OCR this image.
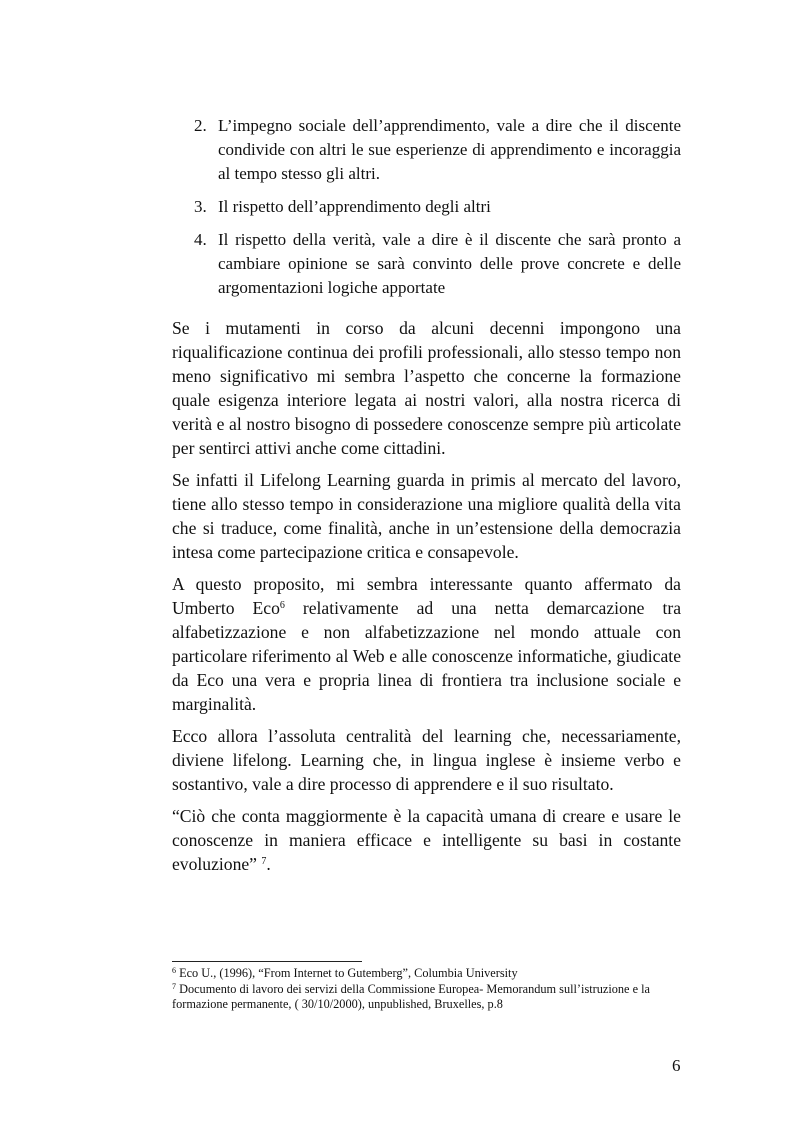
2. L’impegno sociale dell’apprendimento, vale a dire che il discente condivide con altri le sue esperienze di apprendimento e incoraggia al tempo stesso gli altri.
3. Il rispetto dell’apprendimento degli altri
4. Il rispetto della verità, vale a dire è il discente che sarà pronto a cambiare opinione se sarà convinto delle prove concrete e delle argomentazioni logiche apportate

Se i mutamenti in corso da alcuni decenni impongono una riqualificazione continua dei profili professionali, allo stesso tempo non meno significativo mi sembra l’aspetto che concerne la formazione quale esigenza interiore legata ai nostri valori, alla nostra ricerca di verità e al nostro bisogno di possedere conoscenze sempre più articolate per sentirci attivi anche come cittadini.

Se infatti il Lifelong Learning guarda in primis al mercato del lavoro, tiene allo stesso tempo in considerazione una migliore qualità della vita che si traduce, come finalità, anche in un’estensione della democrazia intesa come partecipazione critica e consapevole.

A questo proposito, mi sembra interessante quanto affermato da Umberto Eco$^6$ relativamente ad una netta demarcazione tra alfabetizzazione e non alfabetizzazione nel mondo attuale con particolare riferimento al Web e alle conoscenze informatiche, giudicate da Eco una vera e propria linea di frontiera tra inclusione sociale e marginalità.

Ecco allora l’assoluta centralità del learning che, necessariamente, diviene lifelong. Learning che, in lingua inglese è insieme verbo e sostantivo, vale a dire processo di apprendere e il suo risultato.

“Ciò che conta maggiormente è la capacità umana di creare e usare le conoscenze in maniera efficace e intelligente su basi in costante evoluzione” $^7$.

$^6$ Eco U., (1996), “From Internet to Gutemberg”, Columbia University

$^7$ Documento di lavoro dei servizi della Commissione Europea- Memorandum sull’istruzione e la formazione permanente, ( 30/10/2000), unpublished, Bruxelles, p.8

6
